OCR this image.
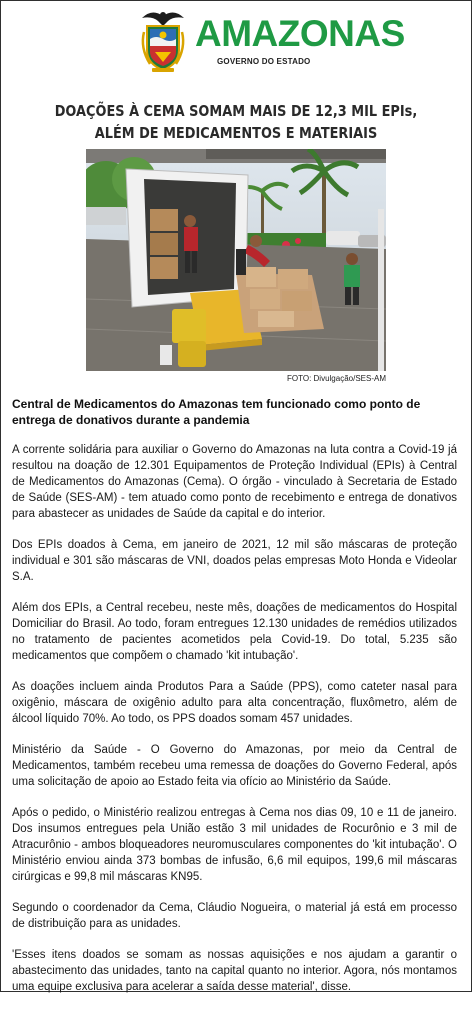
AMAZONAS
GOVERNO DO ESTADO
DOAÇÕES À CEMA SOMAM MAIS DE 12,3 MIL EPIs, ALÉM DE MEDICAMENTOS E MATERIAIS
FOTO: Divulgação/SES-AM
Central de Medicamentos do Amazonas tem funcionado como ponto de entrega de donativos durante a pandemia

A corrente solidária para auxiliar o Governo do Amazonas na luta contra a Covid-19 já resultou na doação de 12.301 Equipamentos de Proteção Individual (EPIs) à Central de Medicamentos do Amazonas (Cema). O órgão - vinculado à Secretaria de Estado de Saúde (SES-AM) - tem atuado como ponto de recebimento e entrega de donativos para abastecer as unidades de Saúde da capital e do interior.

Dos EPIs doados à Cema, em janeiro de 2021, 12 mil são máscaras de proteção individual e 301 são máscaras de VNI, doados pelas empresas Moto Honda e Videolar S.A.

Além dos EPIs, a Central recebeu, neste mês, doações de medicamentos do Hospital Domiciliar do Brasil. Ao todo, foram entregues 12.130 unidades de remédios utilizados no tratamento de pacientes acometidos pela Covid-19. Do total, 5.235 são medicamentos que compõem o chamado 'kit intubação'.

As doações incluem ainda Produtos Para a Saúde (PPS), como cateter nasal para oxigênio, máscara de oxigênio adulto para alta concentração, fluxômetro, além de álcool líquido 70%. Ao todo, os PPS doados somam 457 unidades.

Ministério da Saúde - O Governo do Amazonas, por meio da Central de Medicamentos, também recebeu uma remessa de doações do Governo Federal, após uma solicitação de apoio ao Estado feita via ofício ao Ministério da Saúde.

Após o pedido, o Ministério realizou entregas à Cema nos dias 09, 10 e 11 de janeiro. Dos insumos entregues pela União estão 3 mil unidades de Rocurônio e 3 mil de Atracurônio - ambos bloqueadores neuromusculares componentes do 'kit intubação'. O Ministério enviou ainda 373 bombas de infusão, 6,6 mil equipos, 199,6 mil máscaras cirúrgicas e 99,8 mil máscaras KN95.

Segundo o coordenador da Cema, Cláudio Nogueira, o material já está em processo de distribuição para as unidades.

'Esses itens doados se somam as nossas aquisições e nos ajudam a garantir o abastecimento das unidades, tanto na capital quanto no interior. Agora, nós montamos uma equipe exclusiva para acelerar a saída desse material', disse.
